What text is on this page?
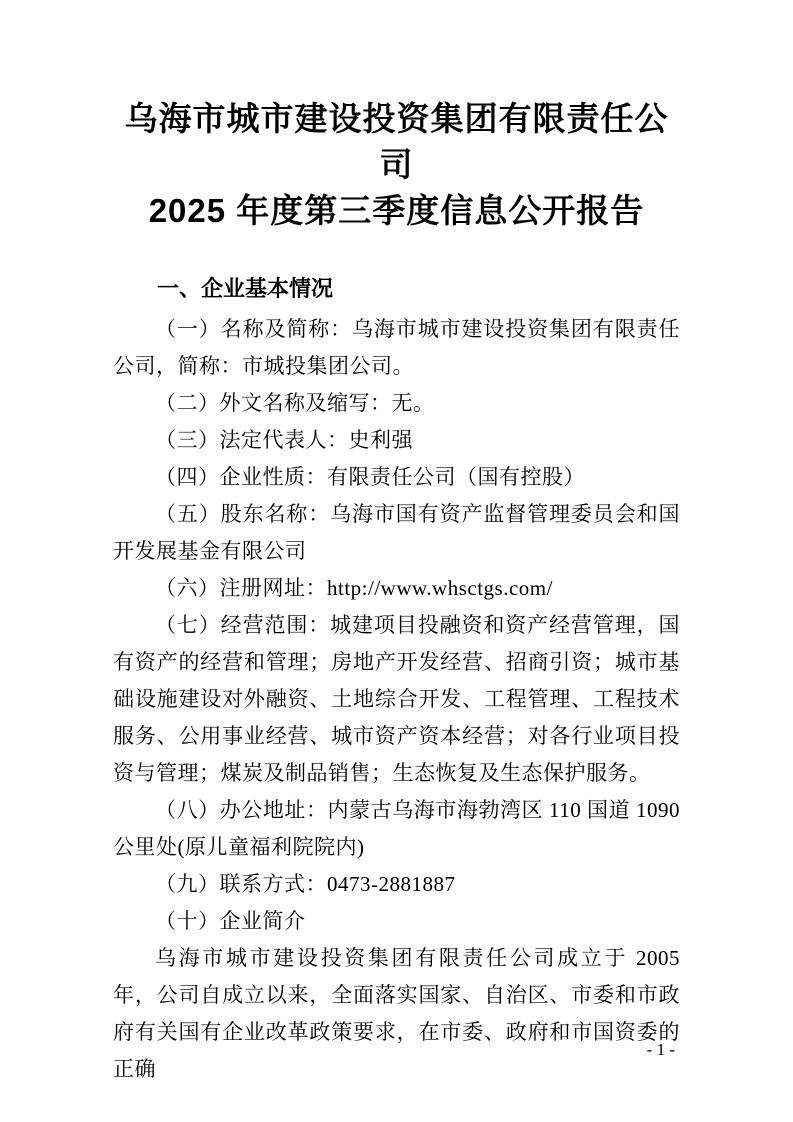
乌海市城市建设投资集团有限责任公司
2025 年度第三季度信息公开报告
一、企业基本情况

（一）名称及简称：乌海市城市建设投资集团有限责任公司，简称：市城投集团公司。

（二）外文名称及缩写：无。

（三）法定代表人：史利强

（四）企业性质：有限责任公司（国有控股）

（五）股东名称：乌海市国有资产监督管理委员会和国开发展基金有限公司

（六）注册网址：http://www.whsctgs.com/

（七）经营范围：城建项目投融资和资产经营管理，国有资产的经营和管理；房地产开发经营、招商引资；城市基础设施建设对外融资、土地综合开发、工程管理、工程技术服务、公用事业经营、城市资产资本经营；对各行业项目投资与管理；煤炭及制品销售；生态恢复及生态保护服务。

（八）办公地址：内蒙古乌海市海勃湾区 110 国道 1090 公里处(原儿童福利院院内)

（九）联系方式：0473-2881887

（十）企业简介

乌海市城市建设投资集团有限责任公司成立于 2005 年，公司自成立以来，全面落实国家、自治区、市委和市政府有关国有企业改革政策要求，在市委、政府和市国资委的正确

- 1 -
